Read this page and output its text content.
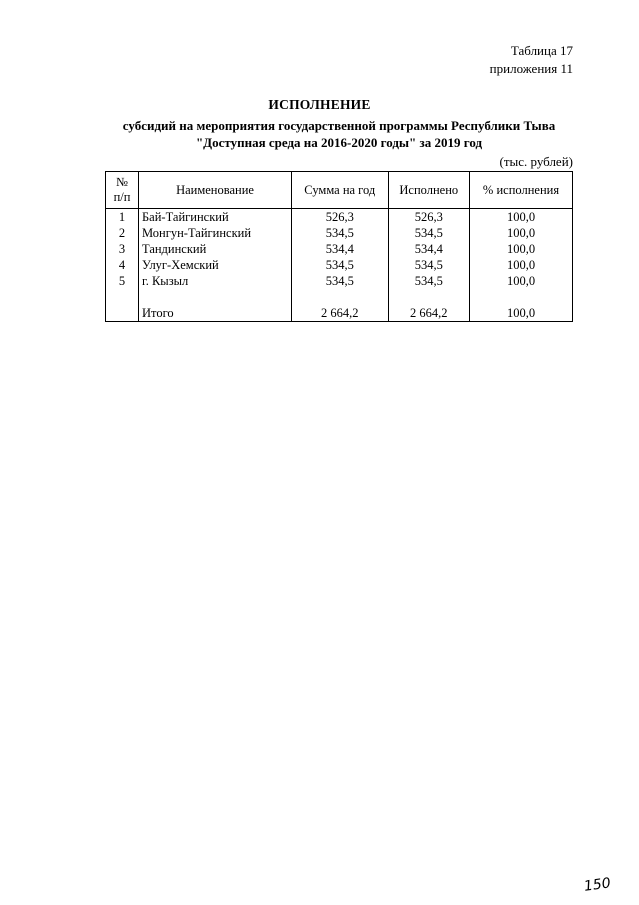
Таблица 17
приложения 11
ИСПОЛНЕНИЕ
субсидий на мероприятия государственной программы Республики Тыва
"Доступная среда на 2016-2020 годы" за 2019 год
(тыс. рублей)
№
п/п	Наименование	Сумма на год	Исполнено	% исполнения
1	Бай-Тайгинский	526,3	526,3	100,0
2	Монгун-Тайгинский	534,5	534,5	100,0
3	Тандинский	534,4	534,4	100,0
4	Улуг-Хемский	534,5	534,5	100,0
5	г. Кызыл	534,5	534,5	100,0

	Итого	2 664,2	2 664,2	100,0
150
